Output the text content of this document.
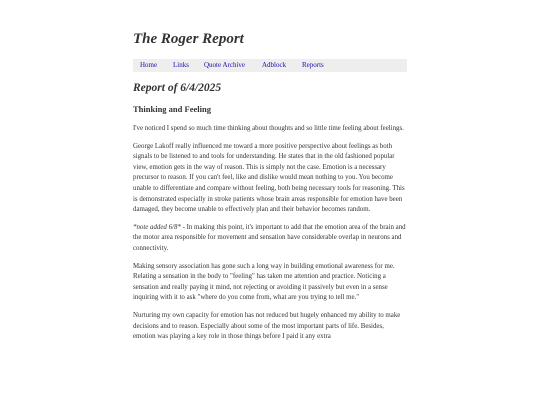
The Roger Report
Home Links Quote Archive Adblock Reports
Report of 6/4/2025
Thinking and Feeling

I've noticed I spend so much time thinking about thoughts and so little time feeling about feelings.

George Lakoff really influenced me toward a more positive perspective about feelings as both signals to be listened to and tools for understanding. He states that in the old fashioned popular view, emotion gets in the way of reason. This is simply not the case. Emotion is a necessary precursor to reason. If you can't feel, like and dislike would mean nothing to you. You become unable to differentiate and compare without feeling, both being necessary tools for reasoning. This is demonstrated especially in stroke patients whose brain areas responsible for emotion have been damaged, they become unable to effectively plan and their behavior becomes random.

*note added 6/8* - In making this point, it's important to add that the emotion area of the brain and the motor area responsible for movement and sensation have considerable overlap in neurons and connectivity.

Making sensory association has gone such a long way in building emotional awareness for me. Relating a sensation in the body to "feeling" has taken me attention and practice. Noticing a sensation and really paying it mind, not rejecting or avoiding it passively but even in a sense inquiring with it to ask "where do you come from, what are you trying to tell me."

Nurturing my own capacity for emotion has not reduced but hugely enhanced my ability to make decisions and to reason. Especially about some of the most important parts of life. Besides, emotion was playing a key role in those things before I paid it any extra
